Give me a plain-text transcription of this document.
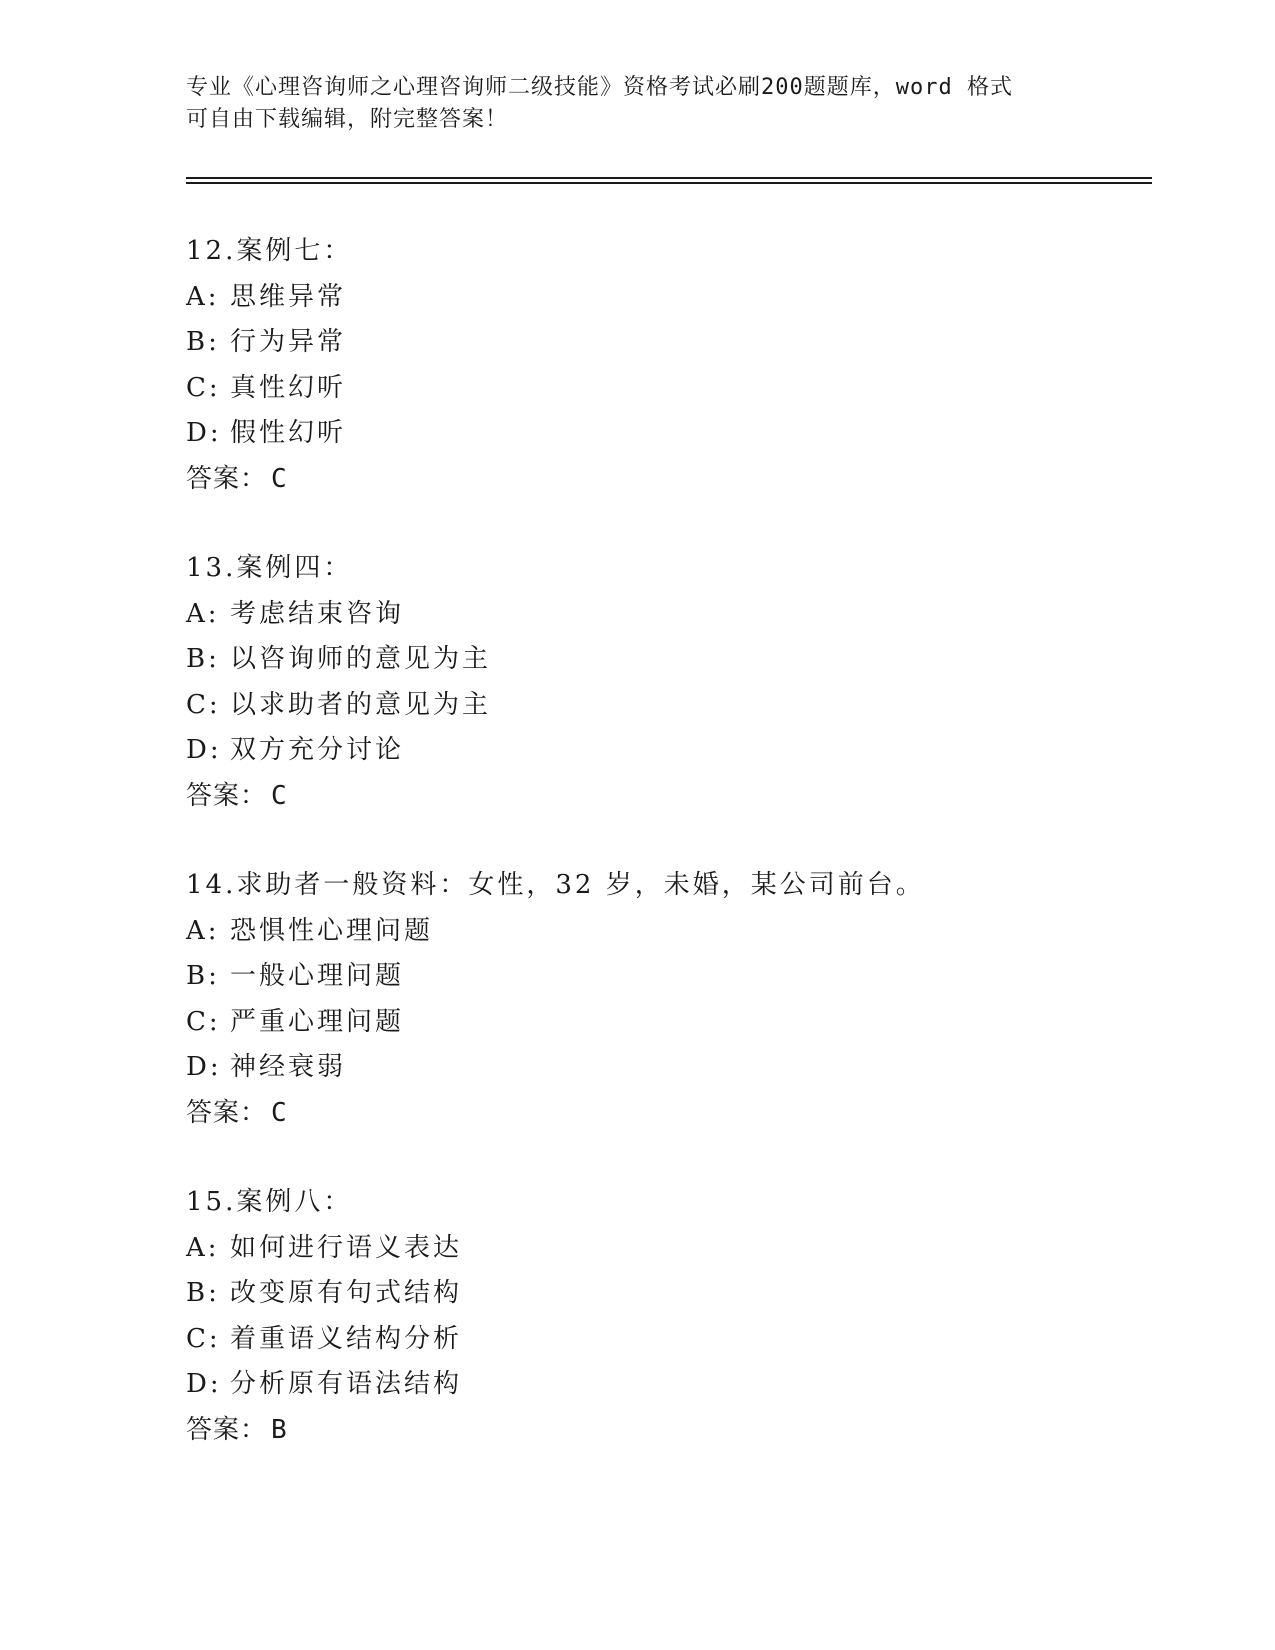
专业《心理咨询师之心理咨询师二级技能》资格考试必刷200题题库，word 格式
可自由下载编辑，附完整答案！
12.案例七：
A: 思维异常
B: 行为异常
C: 真性幻听
D: 假性幻听
答案： C
13.案例四：
A: 考虑结束咨询
B: 以咨询师的意见为主
C: 以求助者的意见为主
D: 双方充分讨论
答案： C
14.求助者一般资料：女性，32 岁，未婚，某公司前台。
A: 恐惧性心理问题
B: 一般心理问题
C: 严重心理问题
D: 神经衰弱
答案： C
15.案例八：
A: 如何进行语义表达
B: 改变原有句式结构
C: 着重语义结构分析
D: 分析原有语法结构
答案： B
